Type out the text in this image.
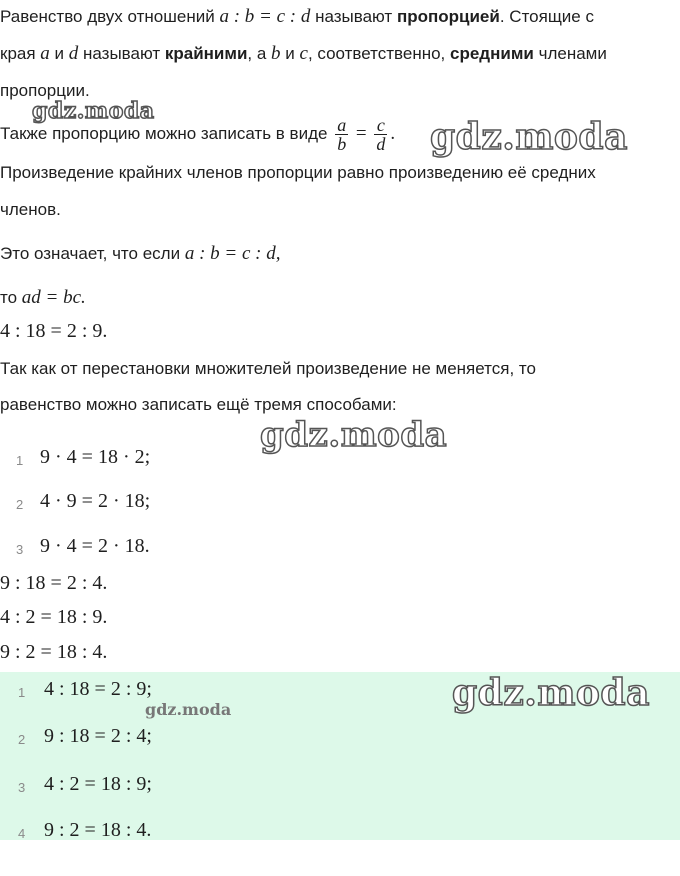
Равенство двух отношений a : b = c : d называют пропорцией. Стоящие с
края a и d называют крайними, а b и c, соответственно, средними членами
пропорции.
Также пропорцию можно записать в виде $\frac{a}{b} = \frac{c}{d}$ .
Произведение крайних членов пропорции равно произведению её средних
членов.
Это означает, что если a : b = c : d,
то ad = bc.
4 : 18 = 2 : 9.
Так как от перестановки множителей произведение не меняется, то
равенство можно записать ещё тремя способами:
1 9 · 4 = 18 · 2;
2 4 · 9 = 2 · 18;
3 9 · 4 = 2 · 18.
9 : 18 = 2 : 4.
4 : 2 = 18 : 9.
9 : 2 = 18 : 4.
1 4 : 18 = 2 : 9;
2 9 : 18 = 2 : 4;
3 4 : 2 = 18 : 9;
4 9 : 2 = 18 : 4.
gdz.moda
gdz.moda
gdz.moda
gdz.moda
gdz.moda
